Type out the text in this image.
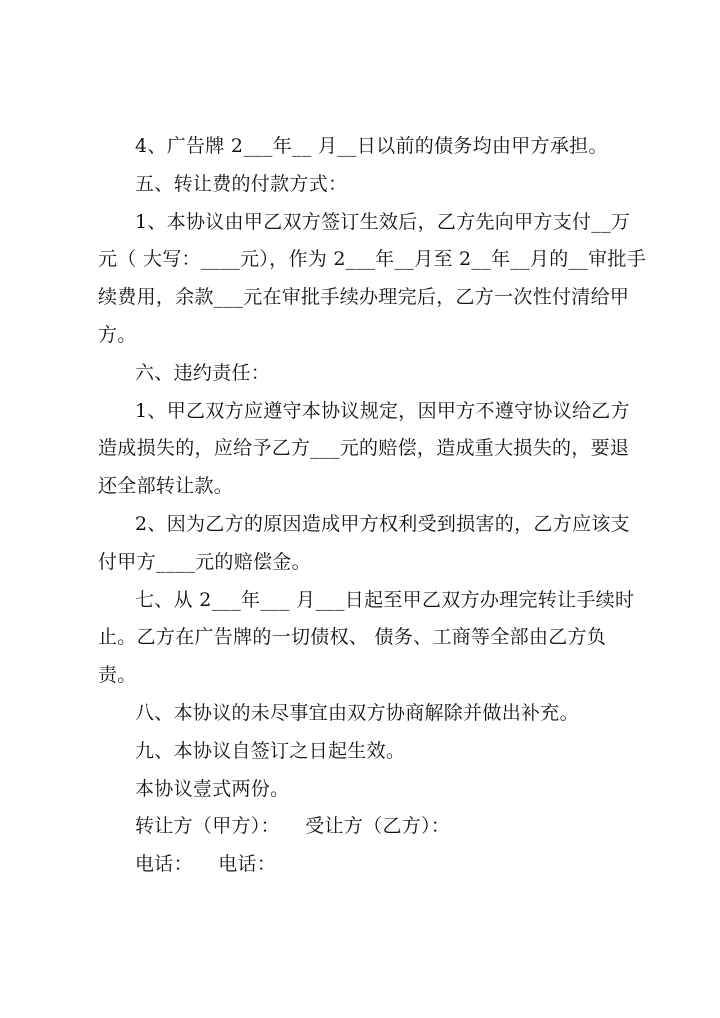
4、广告牌 2___年__ 月__日以前的债务均由甲方承担。
五、转让费的付款方式：
1、本协议由甲乙双方签订生效后，乙方先向甲方支付__万
元（ 大写：____元），作为 2___年__月至 2__年__月的__审批手
续费用，余款___元在审批手续办理完后，乙方一次性付清给甲
方。
六、违约责任：
1、甲乙双方应遵守本协议规定，因甲方不遵守协议给乙方
造成损失的，应给予乙方___元的赔偿，造成重大损失的，要退
还全部转让款。
2、因为乙方的原因造成甲方权利受到损害的，乙方应该支
付甲方____元的赔偿金。
七、从 2___年___ 月___日起至甲乙双方办理完转让手续时
止。乙方在广告牌的一切债权、 债务、工商等全部由乙方负
责。
八、本协议的未尽事宜由双方协商解除并做出补充。
九、本协议自签订之日起生效。
本协议壹式两份。
转让方（甲方）：    受让方（乙方）：
电话：    电话：
